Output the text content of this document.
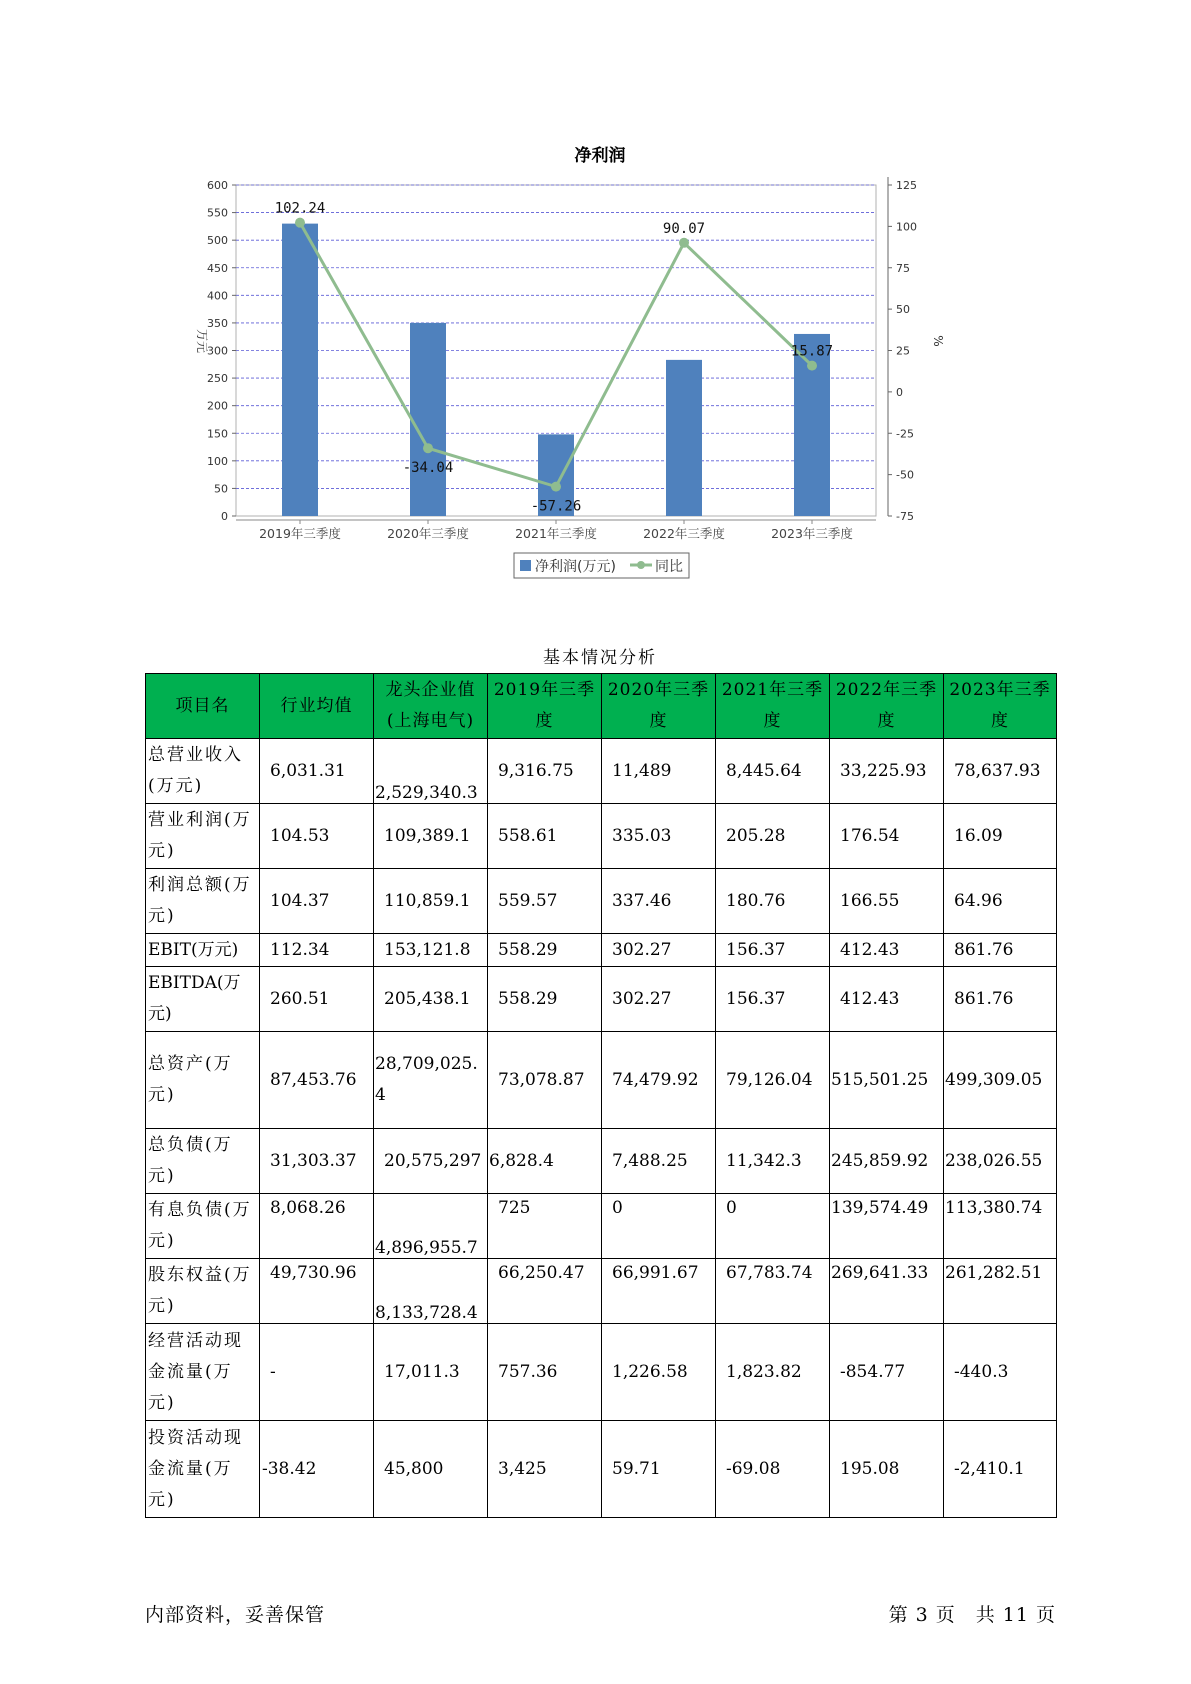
净利润
0
50
100
150
200
250
300
350
400
450
500
550
600
-75
-50
-25
0
25
50
75
100
125
102.24
-34.04
-57.26
90.07
15.87
2019年三季度	2020年三季度	2021年三季度	2022年三季度	2023年三季度
万元	%
净利润(万元)	同比
基本情况分析
项目名	行业均值	龙头企业值(上海电气)	2019年三季度	2020年三季度	2021年三季度	2022年三季度	2023年三季度
总营业收入(万元)	6,031.31	2,529,340.3	9,316.75	11,489	8,445.64	33,225.93	78,637.93
营业利润(万元)	104.53	109,389.1	558.61	335.03	205.28	176.54	16.09
利润总额(万元)	104.37	110,859.1	559.57	337.46	180.76	166.55	64.96
EBIT(万元)	112.34	153,121.8	558.29	302.27	156.37	412.43	861.76
EBITDA(万元)	260.51	205,438.1	558.29	302.27	156.37	412.43	861.76
总资产(万元)	87,453.76	28,709,025.4	73,078.87	74,479.92	79,126.04	515,501.25	499,309.05
总负债(万元)	31,303.37	20,575,297	6,828.4	7,488.25	11,342.3	245,859.92	238,026.55
有息负债(万元)	8,068.26	4,896,955.7	725	0	0	139,574.49	113,380.74
股东权益(万元)	49,730.96	8,133,728.4	66,250.47	66,991.67	67,783.74	269,641.33	261,282.51
经营活动现金流量(万元)	-	17,011.3	757.36	1,226.58	1,823.82	-854.77	-440.3
投资活动现金流量(万元)	-38.42	45,800	3,425	59.71	-69.08	195.08	-2,410.1
内部资料，妥善保管	第 3 页　共 11 页
